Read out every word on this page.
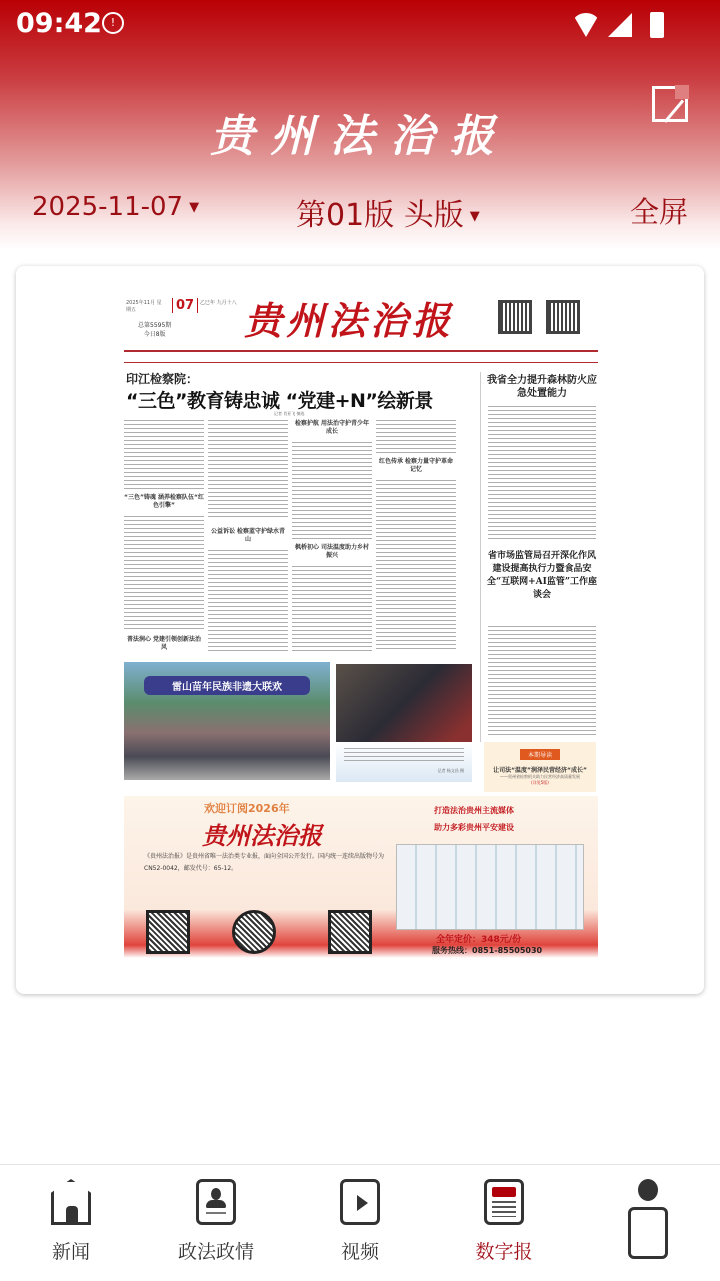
09:42 !
贵州法治报
2025-11-07 ▼	第01版 头版 ▼	全屏
2025年11月 星期五	07	乙巳年 九月十八
总第5595期
今日8版 贵州法治报
印江检察院：
“三色”教育铸忠诚 “党建+N”绘新景
记者 肖亚飞 摘选
“三色”铸魂 涵养检察队伍“红色引擎”
普法润心 党建引领创新法治风
公益诉讼 检察蓝守护绿水青山
检察护航 用法治守护青少年成长
枫桥初心 司法温度助力乡村振兴
红色传承 检察力量守护革命记忆
我省全力提升森林防火应急处置能力
省市场监管局召开深化作风建设提高执行力暨食品安全“互联网+AI监管”工作座谈会
雷山苗年民族非遗大联欢
记者 杨文昌 摄
本期导读
让司法“温度”润泽民营经济“成长”
——贵州省检察机关助力民营经济高质量发展
(详见5版)
欢迎订阅2026年
贵州法治报
《贵州法治报》是贵州省唯一法治类专业报，面向全国公开发行。国内统一连续出版物号为CN52-0042，邮发代号：65-12。
打造法治贵州主流媒体
助力多彩贵州平安建设
全年定价：348元/份
服务热线：0851-85505030
法治贵州客户端	线上订阅小程序	官方公众号
新闻	政法政情	视频	数字报
